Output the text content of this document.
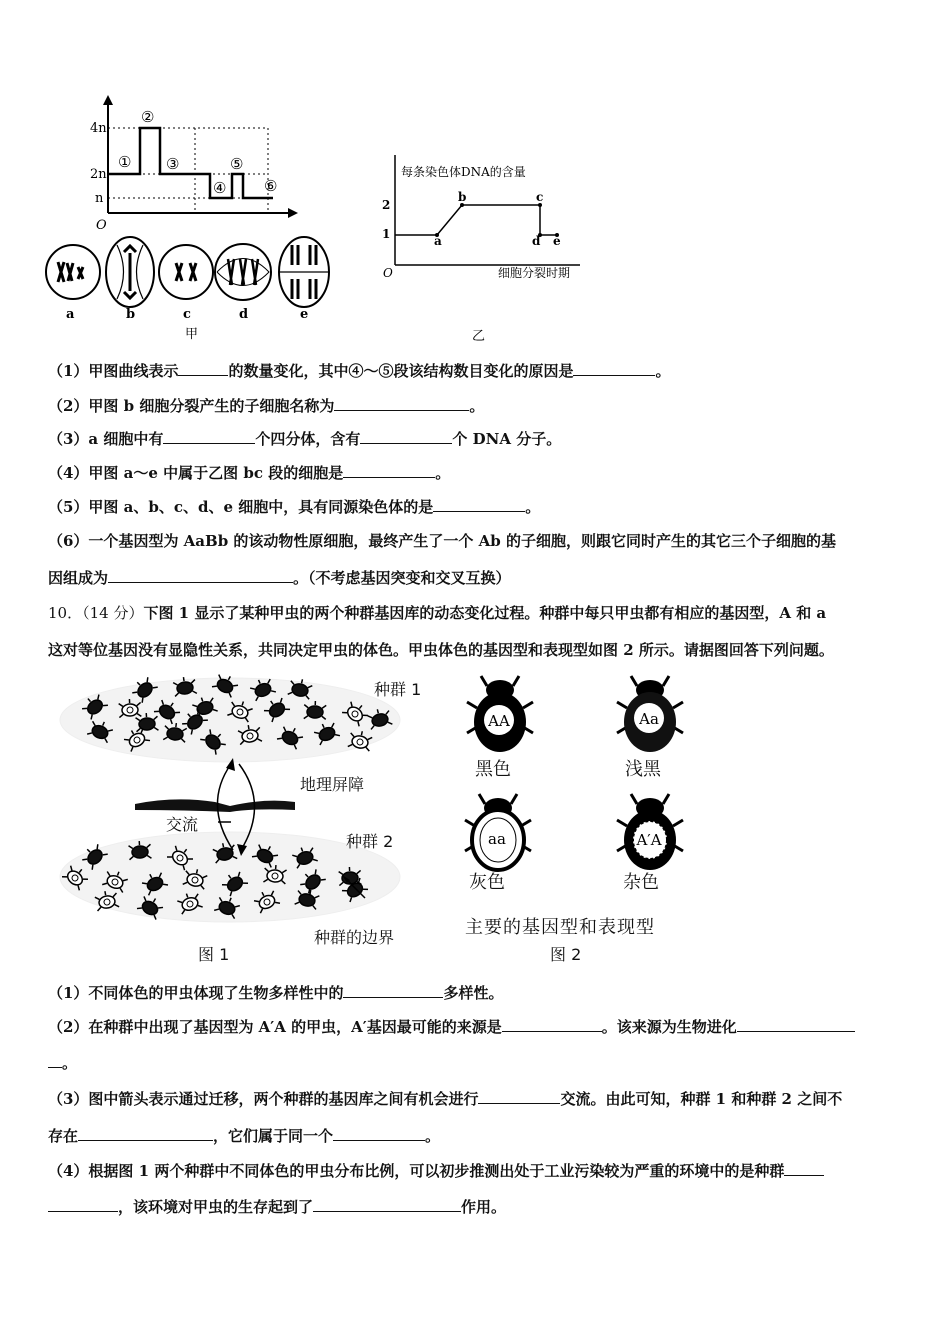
4n
2n
n
O
①
②
③
④
⑤
⑥
a	b	c	d	e
甲
每条染色体DNA的含量
细胞分裂时期
O
2
1	a
b	c
d e
乙
（1）甲图曲线表示	的数量变化，其中④～⑤段该结构数目变化的原因是	。
（2）甲图 b 细胞分裂产生的子细胞名称为	。
（3）a 细胞中有	个四分体，含有	个 DNA 分子。
（4）甲图 a～e 中属于乙图 bc 段的细胞是	。
（5）甲图 a、b、c、d、e 细胞中，具有同源染色体的是	。
（6）一个基因型为 AaBb 的该动物性原细胞，最终产生了一个 Ab 的子细胞，则跟它同时产生的其它三个子细胞的基
因组成为	。（不考虑基因突变和交叉互换）
10．（14 分）下图 1 显示了某种甲虫的两个种群基因库的动态变化过程。种群中每只甲虫都有相应的基因型，A 和 a
这对等位基因没有显隐性关系，共同决定甲虫的体色。甲虫体色的基因型和表现型如图 2 所示。请据图回答下列问题。
种群 1
地理屏障
交流
种群 2
种群的边界
图 1
AA
黑色
Aa
浅黑
aa
灰色
A′A
杂色
主要的基因型和表现型
图 2
（1）不同体色的甲虫体现了生物多样性中的	多样性。
（2）在种群中出现了基因型为 A′A 的甲虫，A′基因最可能的来源是	。该来源为生物进化
。
（3）图中箭头表示通过迁移，两个种群的基因库之间有机会进行	交流。由此可知，种群 1 和种群 2 之间不
存在	，它们属于同一个	。
（4）根据图 1 两个种群中不同体色的甲虫分布比例，可以初步推测出处于工业污染较为严重的环境中的是种群
，该环境对甲虫的生存起到了	作用。
